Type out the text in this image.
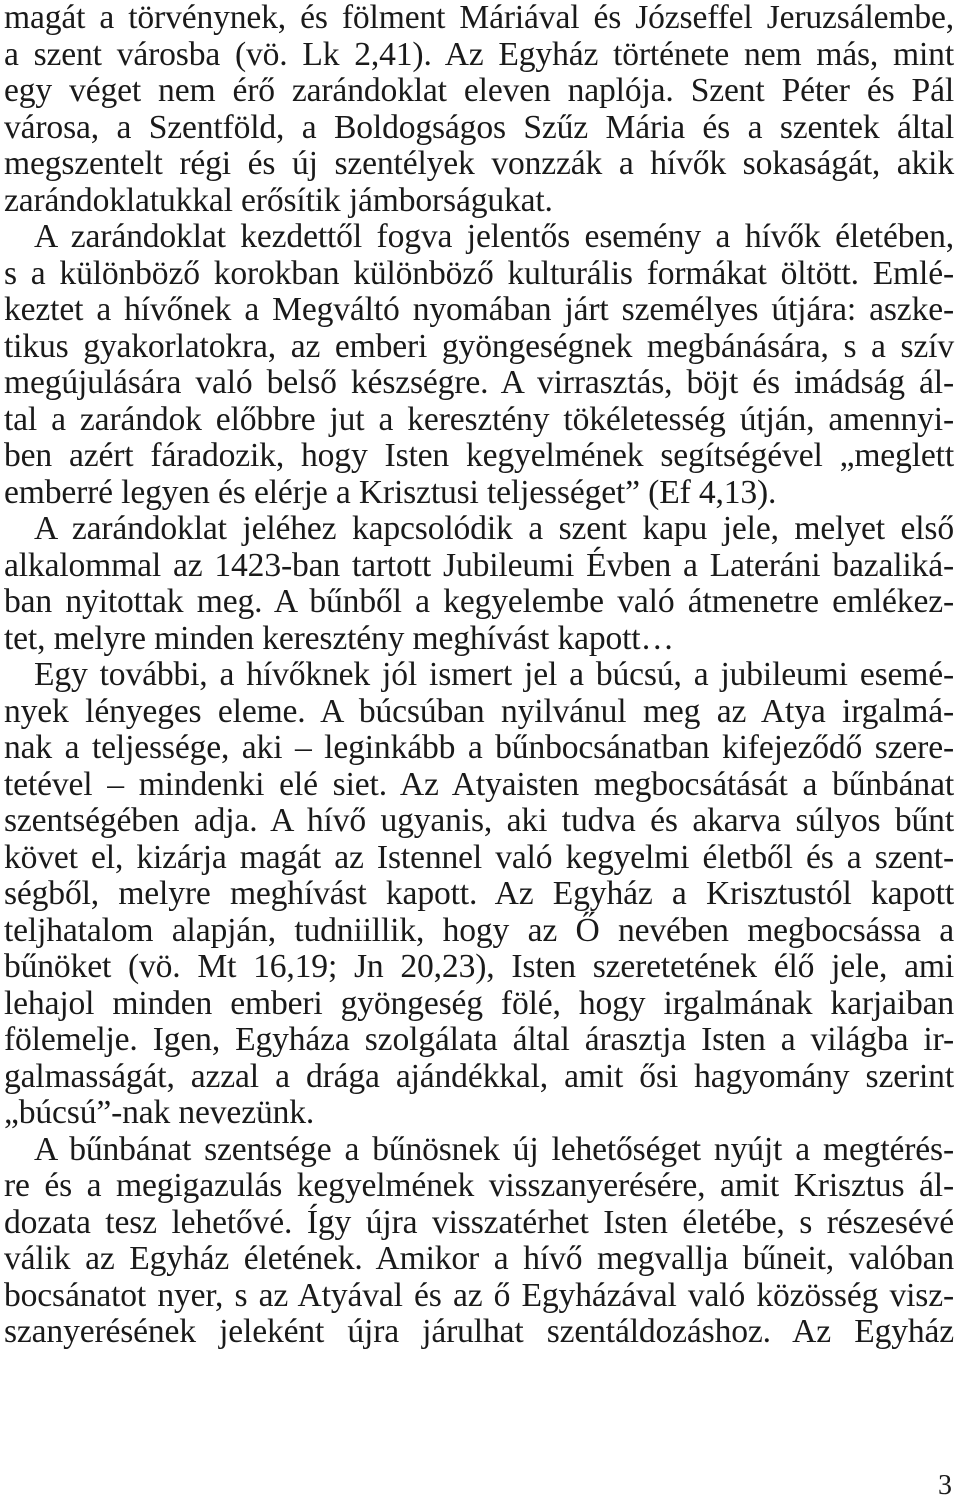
magát a törvénynek, és fölment Máriával és Józseffel Jeruzsálembe,
a szent városba (vö. Lk 2,41). Az Egyház története nem más, mint
egy véget nem érő zarándoklat eleven naplója. Szent Péter és Pál
városa, a Szentföld, a Boldogságos Szűz Mária és a szentek által
megszentelt régi és új szentélyek vonzzák a hívők sokaságát, akik
zarándoklatukkal erősítik jámborságukat.
A zarándoklat kezdettől fogva jelentős esemény a hívők életében,
s a különböző korokban különböző kulturális formákat öltött. Emlé-
keztet a hívőnek a Megváltó nyomában járt személyes útjára: aszke-
tikus gyakorlatokra, az emberi gyöngeségnek megbánására, s a szív
megújulására való belső készségre. A virrasztás, böjt és imádság ál-
tal a zarándok előbbre jut a keresztény tökéletesség útján, amennyi-
ben azért fáradozik, hogy Isten kegyelmének segítségével „meglett
emberré legyen és elérje a Krisztusi teljességet” (Ef 4,13).
A zarándoklat jeléhez kapcsolódik a szent kapu jele, melyet első
alkalommal az 1423-ban tartott Jubileumi Évben a Lateráni bazaliká-
ban nyitottak meg. A bűnből a kegyelembe való átmenetre emlékez-
tet, melyre minden keresztény meghívást kapott…
Egy további, a hívőknek jól ismert jel a búcsú, a jubileumi esemé-
nyek lényeges eleme. A búcsúban nyilvánul meg az Atya irgalmá-
nak a teljessége, aki – leginkább a bűnbocsánatban kifejeződő szere-
tetével – mindenki elé siet. Az Atyaisten megbocsátását a bűnbánat
szentségében adja. A hívő ugyanis, aki tudva és akarva súlyos bűnt
követ el, kizárja magát az Istennel való kegyelmi életből és a szent-
ségből, melyre meghívást kapott. Az Egyház a Krisztustól kapott
teljhatalom alapján, tudniillik, hogy az Ő nevében megbocsássa a
bűnöket (vö. Mt 16,19; Jn 20,23), Isten szeretetének élő jele, ami
lehajol minden emberi gyöngeség fölé, hogy irgalmának karjaiban
fölemelje. Igen, Egyháza szolgálata által árasztja Isten a világba ir-
galmasságát, azzal a drága ajándékkal, amit ősi hagyomány szerint
„búcsú”-nak nevezünk.
A bűnbánat szentsége a bűnösnek új lehetőséget nyújt a megtérés-
re és a megigazulás kegyelmének visszanyerésére, amit Krisztus ál-
dozata tesz lehetővé. Így újra visszatérhet Isten életébe, s részesévé
válik az Egyház életének. Amikor a hívő megvallja bűneit, valóban
bocsánatot nyer, s az Atyával és az ő Egyházával való közösség visz-
szanyerésének jeleként újra járulhat szentáldozáshoz. Az Egyház
3
